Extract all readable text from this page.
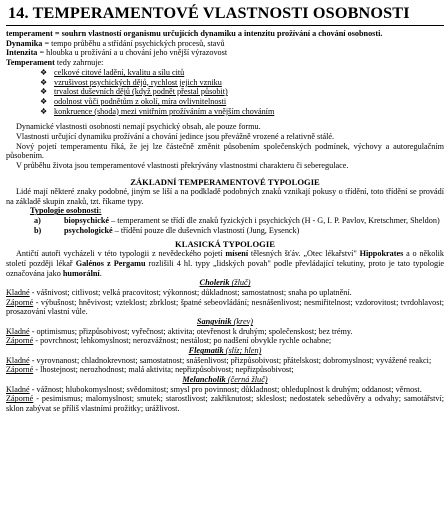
14. TEMPERAMENTOVÉ VLASTNOSTI OSOBNOSTI

temperament = souhrn vlastností organismu určujících dynamiku a intenzitu prožívání a chování osobnosti.

Dynamika = tempo průběhu a střídání psychických procesů, stavů

Intenzita = hloubka u prožívání a u chování jeho vnější výrazovost

Temperament tedy zahrnuje:

❖ celkové citové ladění, kvalitu a sílu citů
❖ vzrušivost psychických dějů, rychlost jejich vzniku
❖ trvalost duševních dějů (když podnět přestal působit)
❖ odolnost vůči podnětům z okolí, míra ovlivnitelnosti
❖ konkruence (shoda) mezi vnitřním prožíváním a vnějším chováním

Dynamické vlastnosti osobnosti nemají psychický obsah, ale pouze formu.

Vlastnosti určující dynamiku prožívání a chování jedince jsou převážně vrozené a relativně stálé.

Nový pojetí temperamentu říká, že jej lze částečně změnit působením společenských podmínek, výchovy a autoregulačním působením.

V průběhu života jsou temperamentové vlastnosti překrývány vlastnostmi charakteru či seberegulace.

ZÁKLADNÍ TEMPERAMENTOVÉ TYPOLOGIE

Lidé mají některé znaky podobné, jiným se liší a na podkladě podobných znaků vznikají pokusy o třídění, toto třídění se provádí na základě skupin znaků, tzt. říkame typy.

Typologie osobnosti:

a)	biopsychické – temperament se třídí dle znaků fyzických i psychických (H - G, I. P. Pavlov, Kretschmer, Sheldon)
b)	psychologické – třídění pouze dle duševních vlastností (Jung, Eysenck)

KLASICKÁ TYPOLOGIE

Antičtí autoři vycházeli v této typologii z nevědeckého pojetí mísení tělesných šťáv. „Otec lékařství" Hippokrates a o několik století později lékař Galénos z Pergamu rozlišili 4 hl. typy „lidských povah" podle převládající tekutiny, proto je tato typologie označována jako humorální.

Cholerik (žluč)

Kladné - vášnivost; citlivost; velká pracovitost; výkonnost; důkladnost; samostatnost; snaha po uplatnění.

Záporné - výbušnost; hněvivost; vzteklost; zbrklost; špatné sebeovládání; nesnášenlivost; nesmiřitelnost; vzdorovitost; tvrdohlavost; prosazování vlastní vůle.

Sangvinik (krev)

Kladné - optimismus; přizpůsobivost; vyřečnost; aktivita; otevřenost k druhým; společenskost; bez trémy.

Záporné - povrchnost; lehkomyslnost; nerozvážnost; nestálost; po nadšení obvykle rychle ochabne;

Flegmatik (slíz; hlen)

Kladné - vyrovnanost; chladnokrevnost; samostatnost; snášenlivost; přizpůsobivost; přátelskost; dobromyslnost; vyvážené reakci;

Záporné - lhostejnost; nerozhodnost; malá aktivita; nepřizpůsobivost; nepřizpůsobivost;

Melancholik (černá žluč)

Kladné - vážnost; hlubokomyslnost; svědomitost; smysl pro povinnost; důkladnost; ohleduplnost k druhým; oddanost; věrnost.

Záporné - pesimismus; malomyslnost; smutek; starostlivost; zakřiknutost; skleslost; nedostatek sebedůvěry a odvahy; samotářství; sklon zabývat se příliš vlastními prožitky; urážlivost.
